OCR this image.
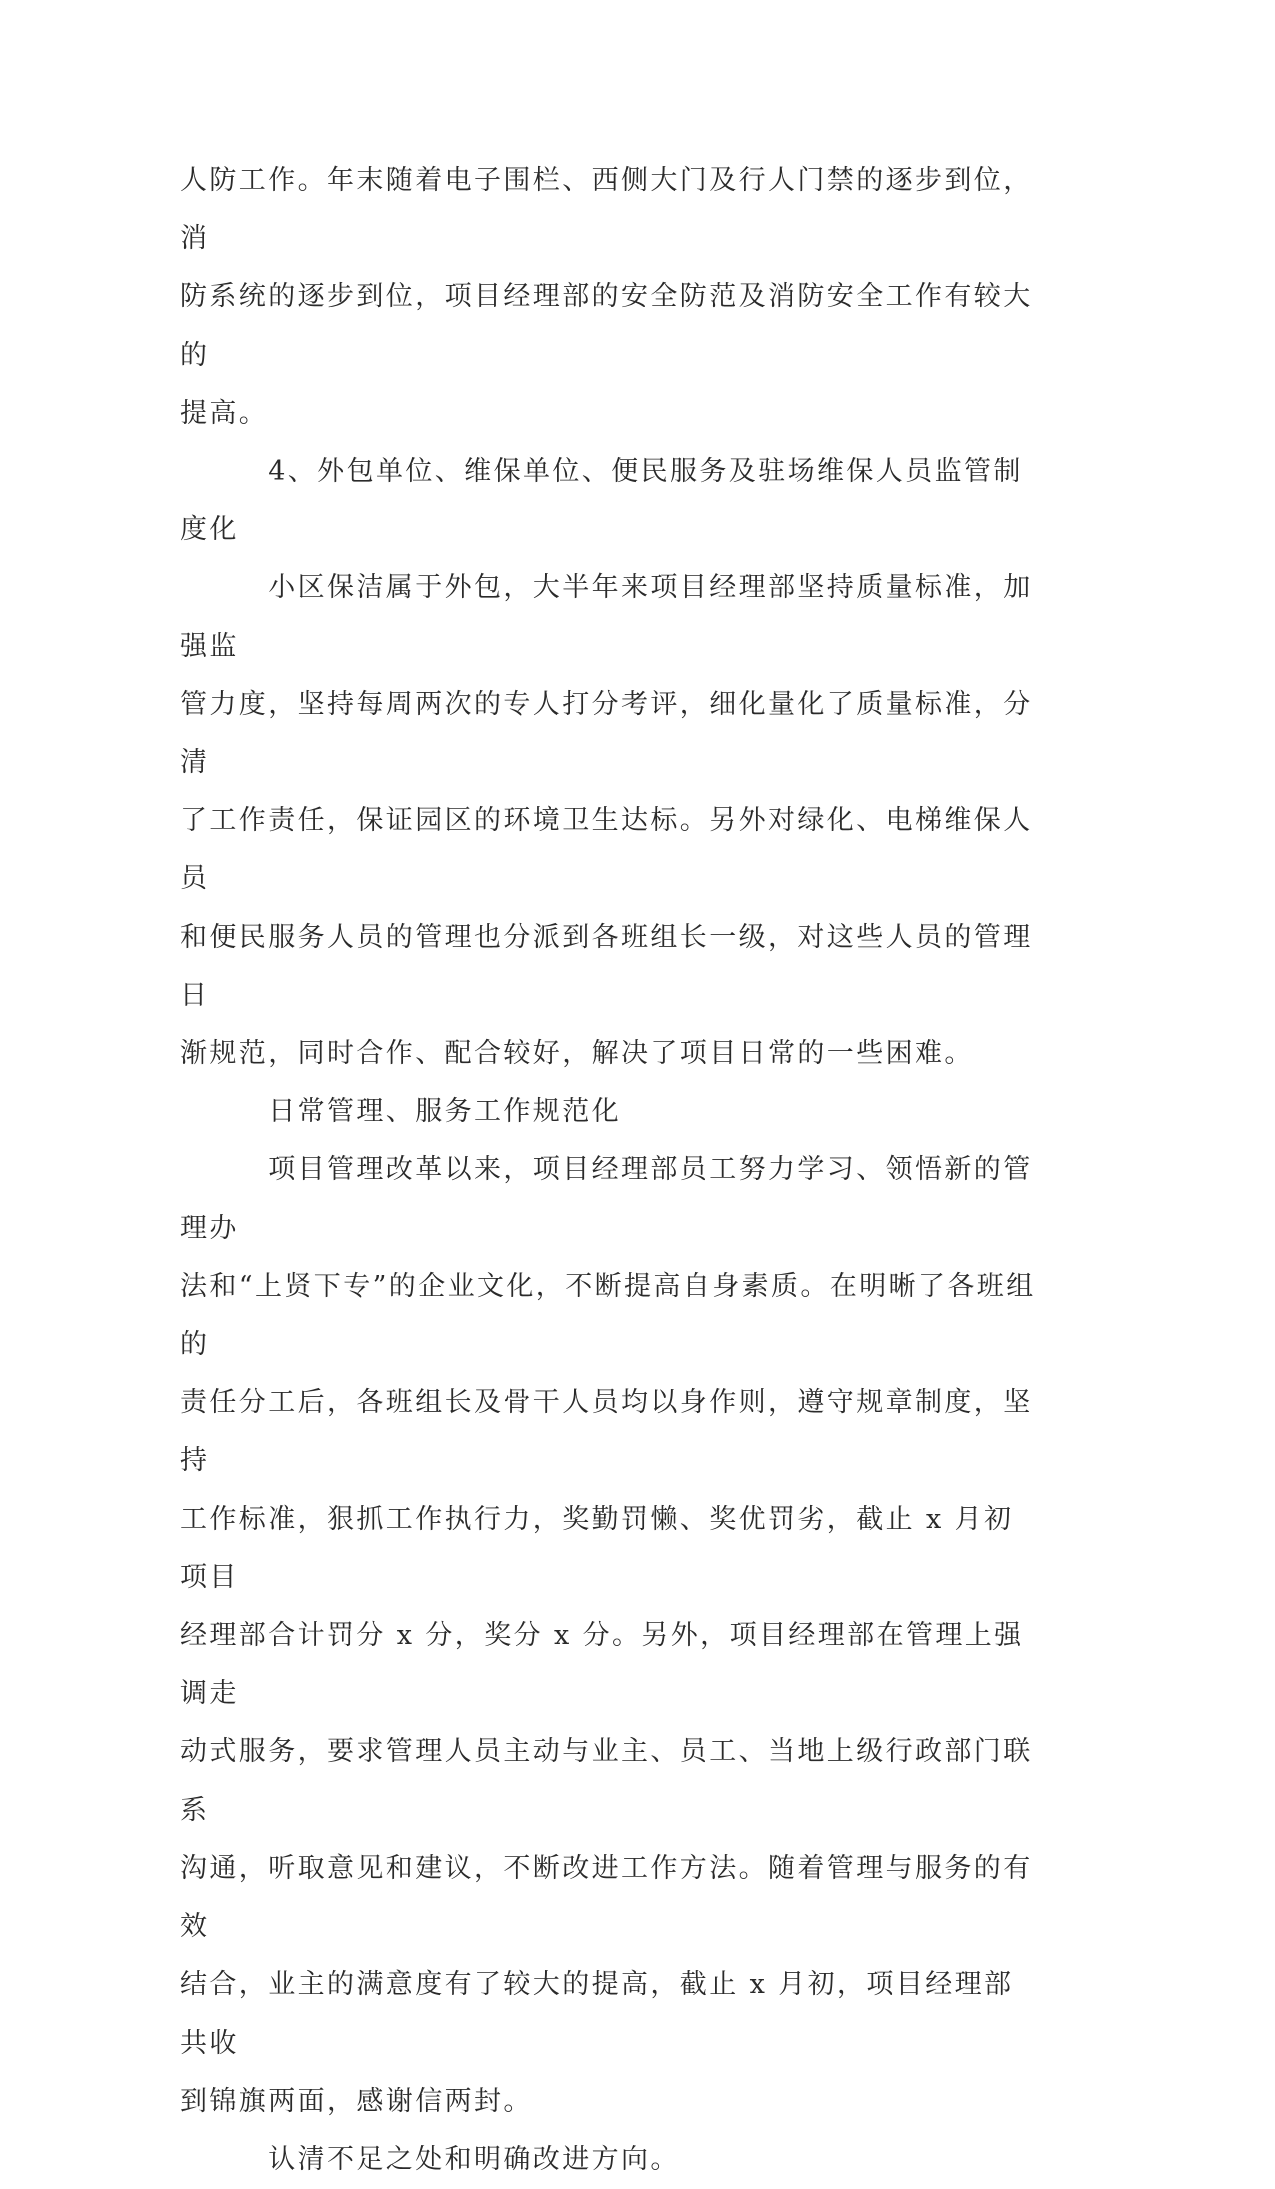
人防工作。年末随着电子围栏、西侧大门及行人门禁的逐步到位，消

防系统的逐步到位，项目经理部的安全防范及消防安全工作有较大的

提高。

　　　4、外包单位、维保单位、便民服务及驻场维保人员监管制度化

　　　小区保洁属于外包，大半年来项目经理部坚持质量标准，加强监

管力度，坚持每周两次的专人打分考评，细化量化了质量标准，分清

了工作责任，保证园区的环境卫生达标。另外对绿化、电梯维保人员

和便民服务人员的管理也分派到各班组长一级，对这些人员的管理日

渐规范，同时合作、配合较好，解决了项目日常的一些困难。

　　　日常管理、服务工作规范化

　　　项目管理改革以来，项目经理部员工努力学习、领悟新的管理办

法和“上贤下专”的企业文化，不断提高自身素质。在明晰了各班组的

责任分工后，各班组长及骨干人员均以身作则，遵守规章制度，坚持

工作标准，狠抓工作执行力，奖勤罚懒、奖优罚劣，截止 x 月初项目

经理部合计罚分 x 分，奖分 x 分。另外，项目经理部在管理上强调走

动式服务，要求管理人员主动与业主、员工、当地上级行政部门联系

沟通，听取意见和建议，不断改进工作方法。随着管理与服务的有效

结合，业主的满意度有了较大的提高，截止 x 月初，项目经理部共收

到锦旗两面，感谢信两封。

　　　认清不足之处和明确改进方向。
